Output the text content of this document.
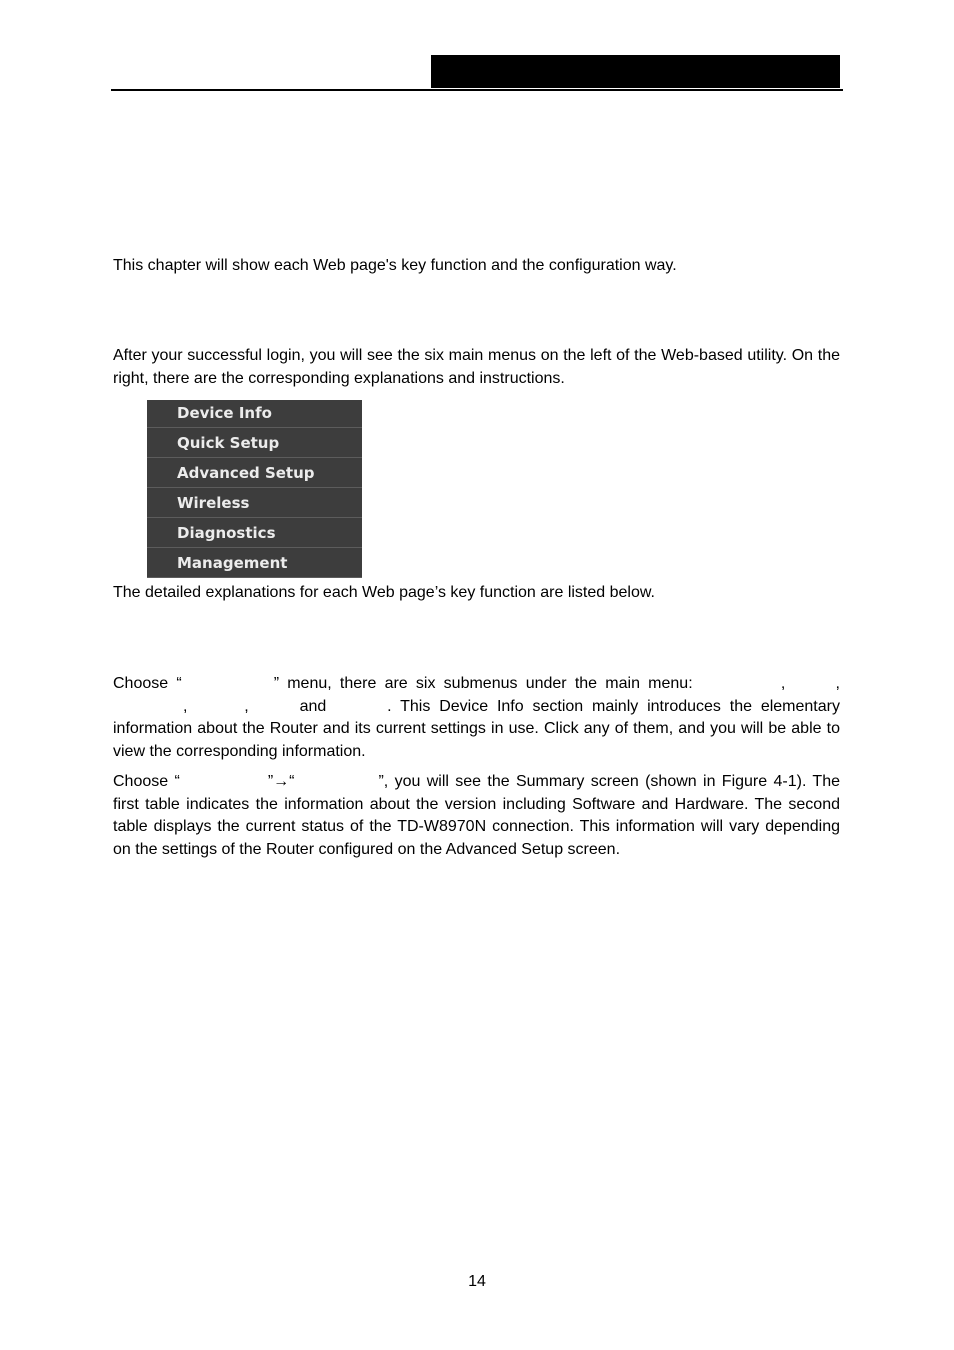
This chapter will show each Web page's key function and the configuration way.

After your successful login, you will see the six main menus on the left of the Web-based utility. On the right, there are the corresponding explanations and instructions.

Device Info
Quick Setup
Advanced Setup
Wireless
Diagnostics
Management

The detailed explanations for each Web page’s key function are listed below.

Choose “	” menu, there are six submenus under the main menu:	,	, ,	,	and	. This Device Info section mainly introduces the elementary information about the Router and its current settings in use. Click any of them, and you will be able to view the corresponding information.

Choose “	”→“	”, you will see the Summary screen (shown in Figure 4-1). The first table indicates the information about the version including Software and Hardware. The second table displays the current status of the TD-W8970N connection. This information will vary depending on the settings of the Router configured on the Advanced Setup screen.

14
